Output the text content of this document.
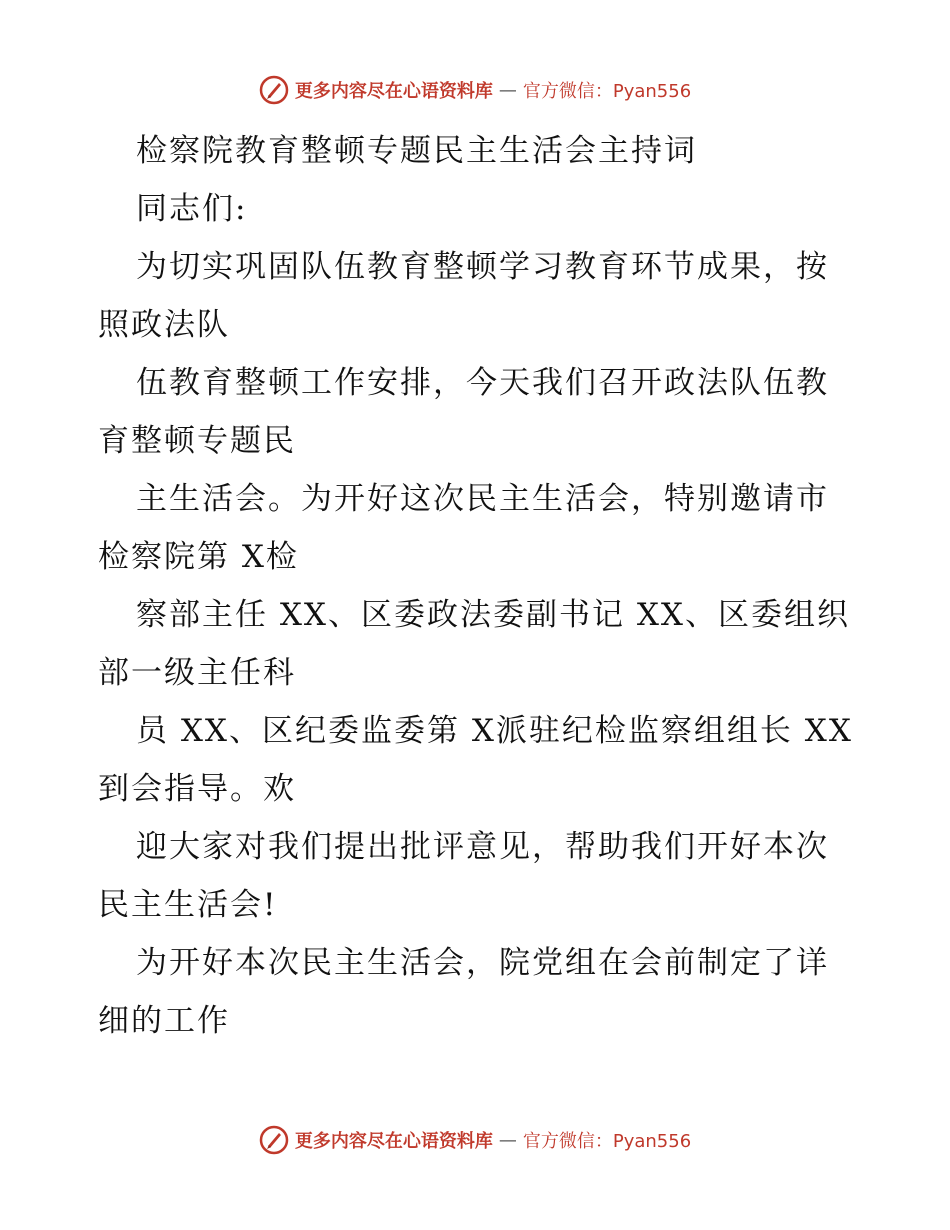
更多内容尽在心语资料库 — 官方微信：Pyan556
检察院教育整顿专题民主生活会主持词
同志们:
为切实巩固队伍教育整顿学习教育环节成果，按
照政法队
伍教育整顿工作安排，今天我们召开政法队伍教
育整顿专题民
主生活会。为开好这次民主生活会，特别邀请市
检察院第 X检
察部主任 XX、区委政法委副书记 XX、区委组织
部一级主任科
员 XX、区纪委监委第 X派驻纪检监察组组长 XX
到会指导。欢
迎大家对我们提出批评意见，帮助我们开好本次
民主生活会!
为开好本次民主生活会，院党组在会前制定了详
细的工作
更多内容尽在心语资料库 — 官方微信：Pyan556
